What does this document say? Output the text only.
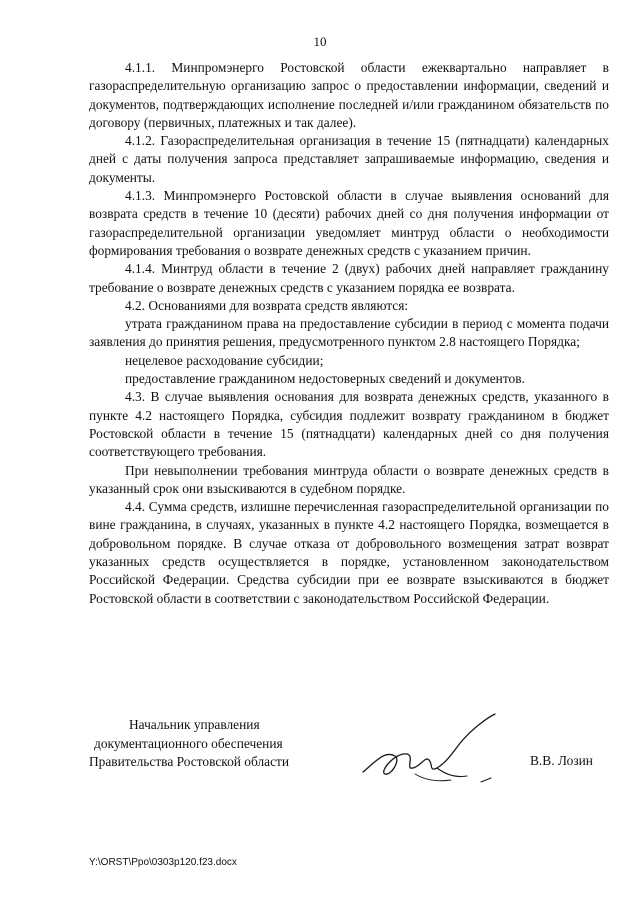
10

4.1.1. Минпромэнерго Ростовской области ежеквартально направляет в газораспределительную организацию запрос о предоставлении информации, сведений и документов, подтверждающих исполнение последней и/или гражданином обязательств по договору (первичных, платежных и так далее).

4.1.2. Газораспределительная организация в течение 15 (пятнадцати) календарных дней с даты получения запроса представляет запрашиваемые информацию, сведения и документы.

4.1.3. Минпромэнерго Ростовской области в случае выявления оснований для возврата средств в течение 10 (десяти) рабочих дней со дня получения информации от газораспределительной организации уведомляет минтруд области о необходимости формирования требования о возврате денежных средств с указанием причин.

4.1.4. Минтруд области в течение 2 (двух) рабочих дней направляет гражданину требование о возврате денежных средств с указанием порядка ее возврата.

4.2. Основаниями для возврата средств являются:

утрата гражданином права на предоставление субсидии в период с момента подачи заявления до принятия решения, предусмотренного пунктом 2.8 настоящего Порядка;

нецелевое расходование субсидии;

предоставление гражданином недостоверных сведений и документов.

4.3. В случае выявления основания для возврата денежных средств, указанного в пункте 4.2 настоящего Порядка, субсидия подлежит возврату гражданином в бюджет Ростовской области в течение 15 (пятнадцати) календарных дней со дня получения соответствующего требования.

При невыполнении требования минтруда области о возврате денежных средств в указанный срок они взыскиваются в судебном порядке.

4.4. Сумма средств, излишне перечисленная газораспределительной организации по вине гражданина, в случаях, указанных в пункте 4.2 настоящего Порядка, возмещается в добровольном порядке. В случае отказа от добровольного возмещения затрат возврат указанных средств осуществляется в порядке, установленном законодательством Российской Федерации. Средства субсидии при ее возврате взыскиваются в бюджет Ростовской области в соответствии с законодательством Российской Федерации.

Начальник управления
документационного обеспечения
Правительства Ростовской области	В.В. Лозин
Y:\ORST\Ppo\0303p120.f23.docx
